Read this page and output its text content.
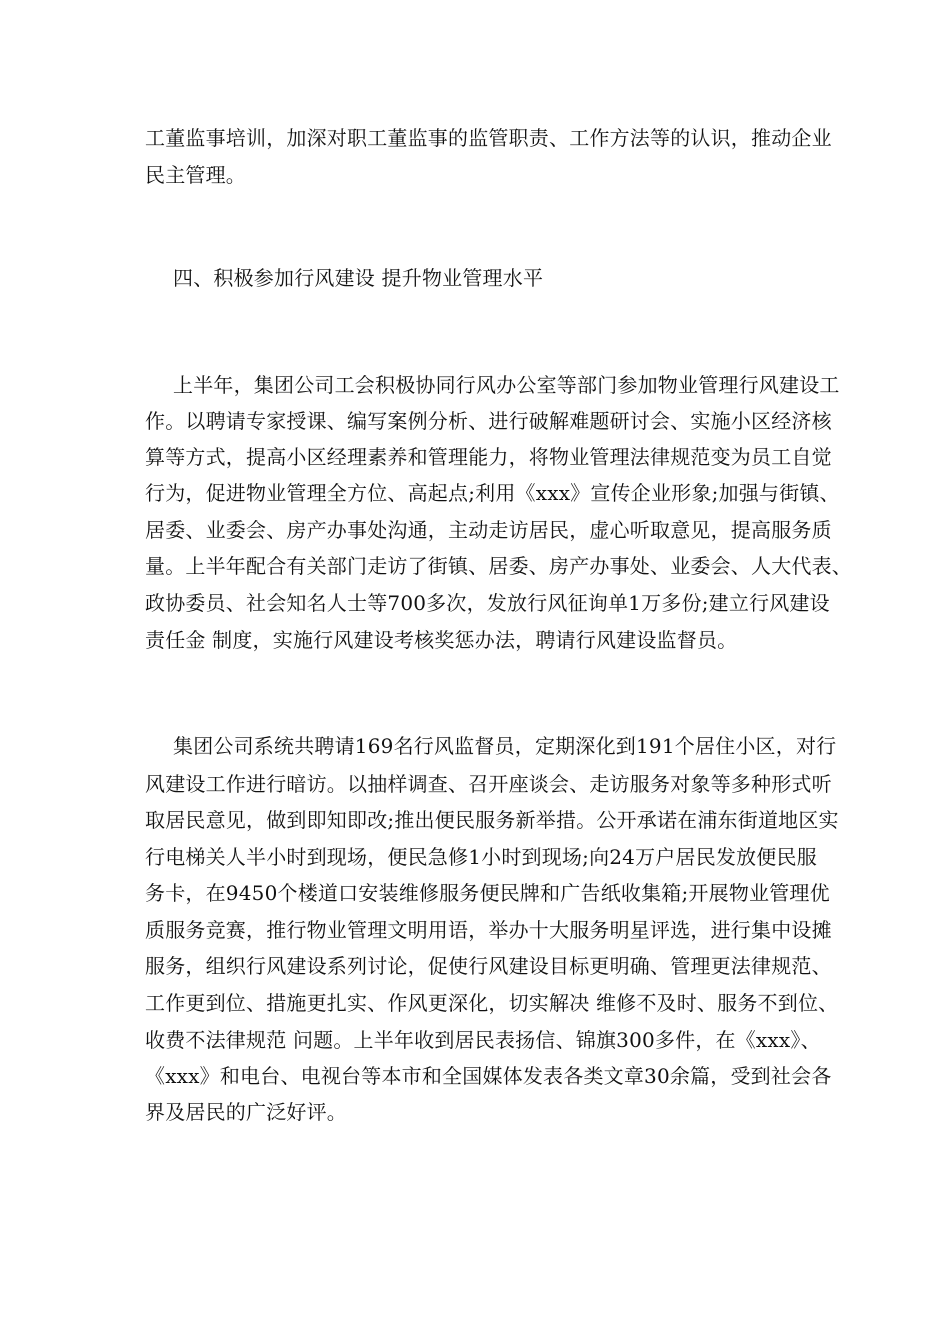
工董监事培训，加深对职工董监事的监管职责、工作方法等的认识，推动企业
民主管理。
四、积极参加行风建设 提升物业管理水平
上半年，集团公司工会积极协同行风办公室等部门参加物业管理行风建设工
作。以聘请专家授课、编写案例分析、进行破解难题研讨会、实施小区经济核
算等方式，提高小区经理素养和管理能力，将物业管理法律规范变为员工自觉
行为，促进物业管理全方位、高起点;利用《xxx》宣传企业形象;加强与街镇、
居委、业委会、房产办事处沟通，主动走访居民，虚心听取意见，提高服务质
量。上半年配合有关部门走访了街镇、居委、房产办事处、业委会、人大代表、
政协委员、社会知名人士等700多次，发放行风征询单1万多份;建立行风建设
责任金 制度，实施行风建设考核奖惩办法，聘请行风建设监督员。
集团公司系统共聘请169名行风监督员，定期深化到191个居住小区，对行
风建设工作进行暗访。以抽样调查、召开座谈会、走访服务对象等多种形式听
取居民意见，做到即知即改;推出便民服务新举措。公开承诺在浦东街道地区实
行电梯关人半小时到现场，便民急修1小时到现场;向24万户居民发放便民服
务卡，在9450个楼道口安装维修服务便民牌和广告纸收集箱;开展物业管理优
质服务竞赛，推行物业管理文明用语，举办十大服务明星评选，进行集中设摊
服务，组织行风建设系列讨论，促使行风建设目标更明确、管理更法律规范、
工作更到位、措施更扎实、作风更深化，切实解决 维修不及时、服务不到位、
收费不法律规范 问题。上半年收到居民表扬信、锦旗300多件，在《xxx》、
《xxx》和电台、电视台等本市和全国媒体发表各类文章30余篇，受到社会各
界及居民的广泛好评。
